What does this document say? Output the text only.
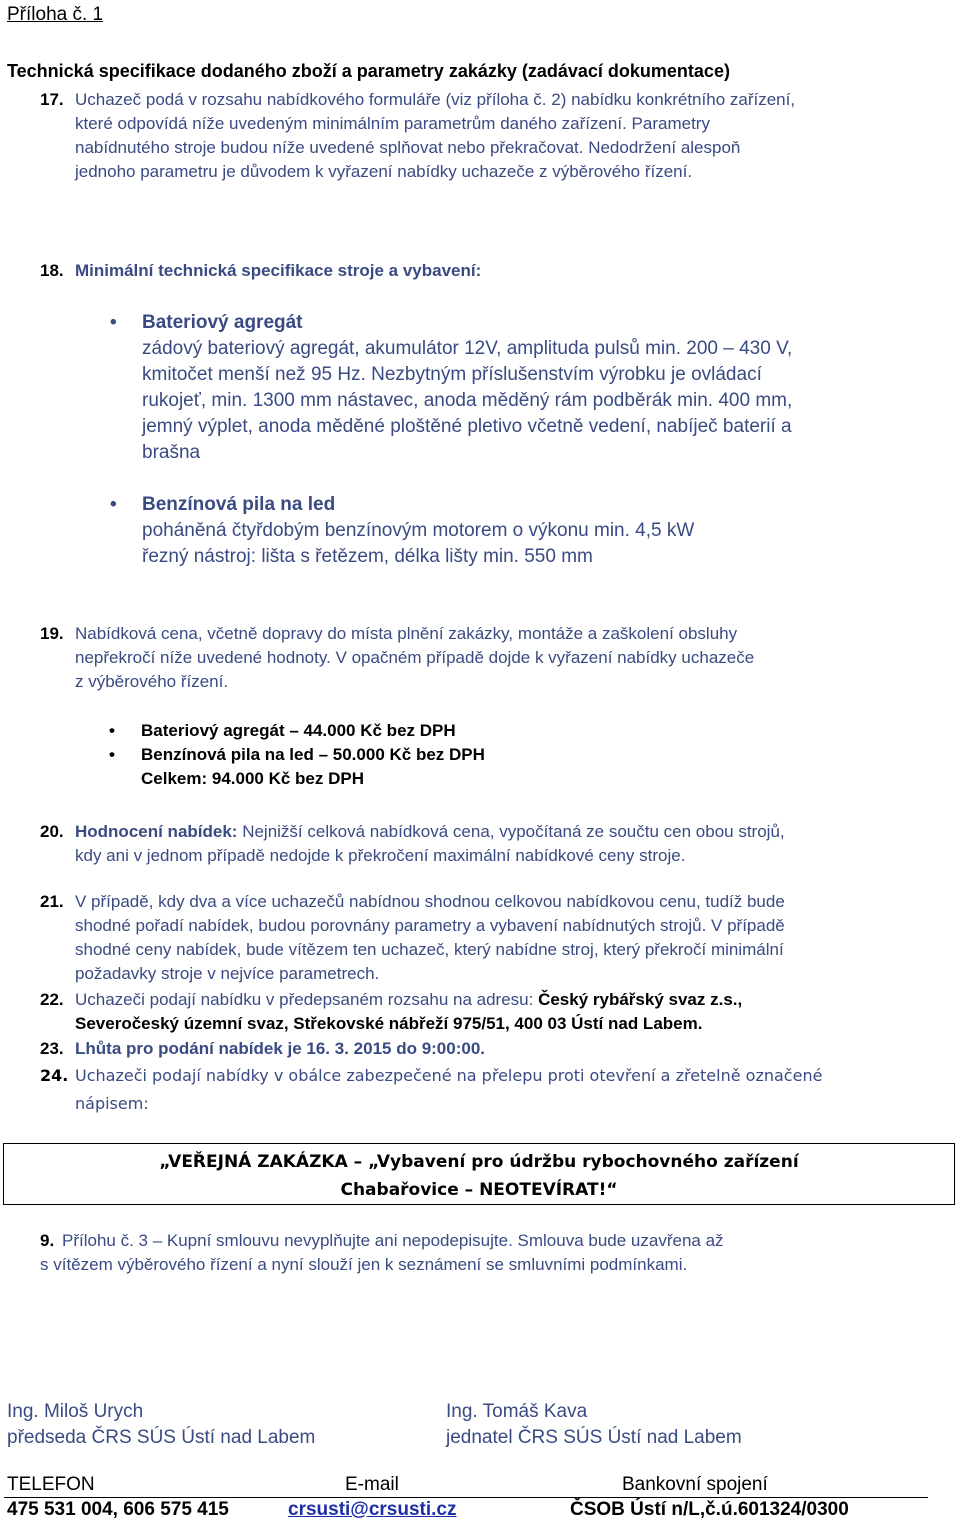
Příloha č. 1
Technická specifikace dodaného zboží a parametry zakázky (zadávací dokumentace)
17. Uchazeč podá v rozsahu nabídkového formuláře (viz příloha č. 2) nabídku konkrétního zařízení,
které odpovídá níže uvedeným minimálním parametrům daného zařízení. Parametry
nabídnutého stroje budou níže uvedené splňovat nebo překračovat. Nedodržení alespoň
jednoho parametru je důvodem k vyřazení nabídky uchazeče z výběrového řízení.
18. Minimální technická specifikace stroje a vybavení:
• Bateriový agregát
zádový bateriový agregát, akumulátor 12V, amplituda pulsů min. 200 – 430 V,
kmitočet menší než 95 Hz. Nezbytným příslušenstvím výrobku je ovládací
rukojeť, min. 1300 mm nástavec, anoda měděný rám podběrák min. 400 mm,
jemný výplet, anoda měděné ploštěné pletivo včetně vedení, nabíječ baterií a
brašna
• Benzínová pila na led
poháněná čtyřdobým benzínovým motorem o výkonu min. 4,5 kW
řezný nástroj: lišta s řetězem, délka lišty min. 550 mm
19. Nabídková cena, včetně dopravy do místa plnění zakázky, montáže a zaškolení obsluhy
nepřekročí níže uvedené hodnoty. V opačném případě dojde k vyřazení nabídky uchazeče
z výběrového řízení.
• Bateriový agregát – 44.000 Kč bez DPH
• Benzínová pila na led – 50.000 Kč bez DPH
Celkem: 94.000 Kč bez DPH
20. Hodnocení nabídek: Nejnižší celková nabídková cena, vypočítaná ze součtu cen obou strojů,
kdy ani v jednom případě nedojde k překročení maximální nabídkové ceny stroje.
21. V případě, kdy dva a více uchazečů nabídnou shodnou celkovou nabídkovou cenu, tudíž bude
shodné pořadí nabídek, budou porovnány parametry a vybavení nabídnutých strojů. V případě
shodné ceny nabídek, bude vítězem ten uchazeč, který nabídne stroj, který překročí minimální
požadavky stroje v nejvíce parametrech.
22. Uchazeči podají nabídku v předepsaném rozsahu na adresu: Český rybářský svaz z.s.,
Severočeský územní svaz, Střekovské nábřeží 975/51, 400 03 Ústí nad Labem.
23. Lhůta pro podání nabídek je 16. 3. 2015 do 9:00:00.
24. Uchazeči podají nabídky v obálce zabezpečené na přelepu proti otevření a zřetelně označené
nápisem:
„VEŘEJNÁ ZAKÁZKA – „Vybavení pro údržbu rybochovného zařízení
Chabařovice – NEOTEVÍRAT!“
9. Přílohu č. 3 – Kupní smlouvu nevyplňujte ani nepodepisujte. Smlouva bude uzavřena až
s vítězem výběrového řízení a nyní slouží jen k seznámení se smluvními podmínkami.
Ing. Miloš Urych
předseda ČRS SÚS Ústí nad Labem
Ing. Tomáš Kava
jednatel ČRS SÚS Ústí nad Labem
TELEFON	E-mail	Bankovní spojení
475 531 004, 606 575 415	crsusti@crsusti.cz	ČSOB Ústí n/L,č.ú.601324/0300
